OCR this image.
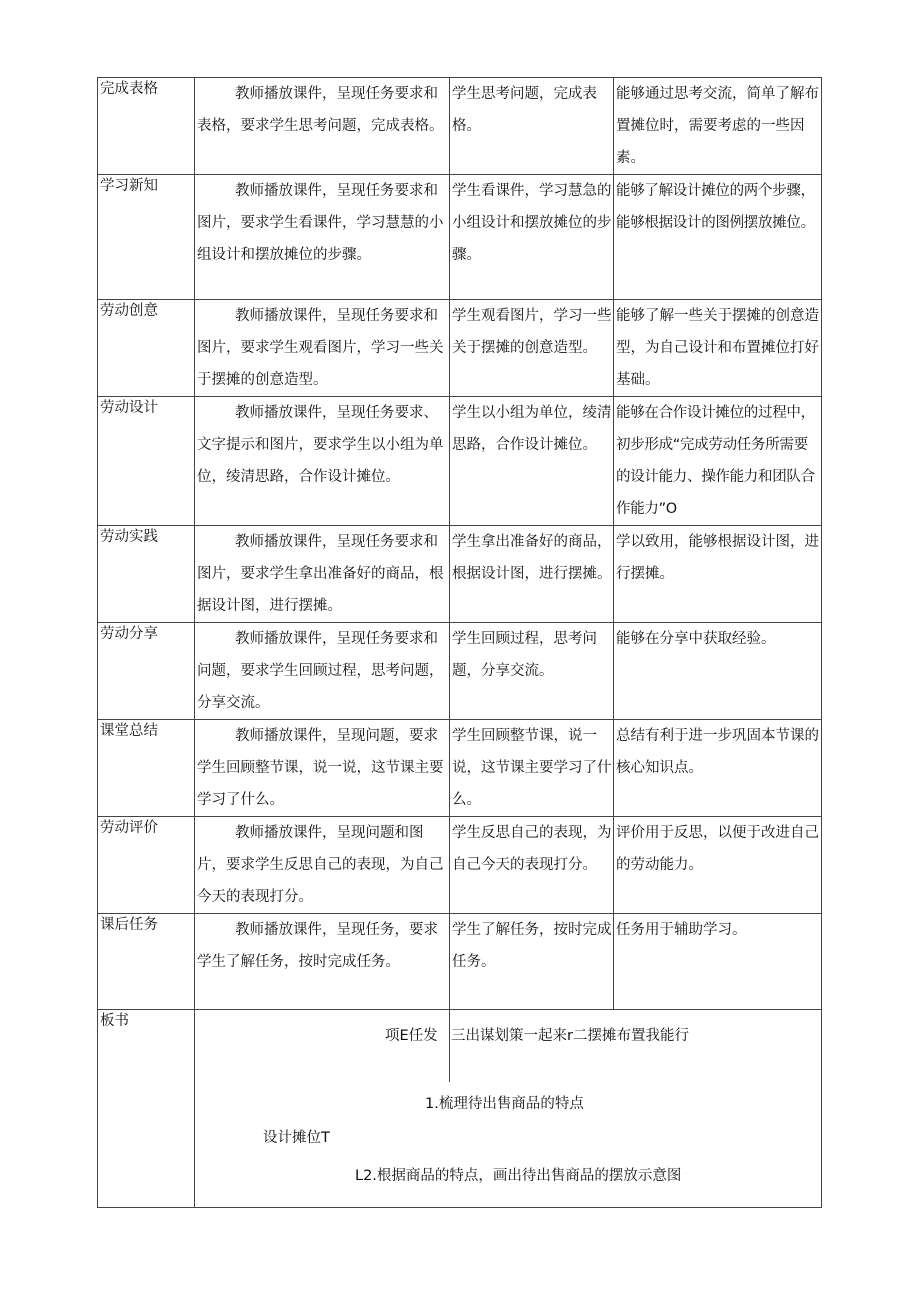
完成表格	教师播放课件，呈现任务要求和表格，要求学生思考问题，完成表格。	学生思考问题，完成表格。	能够通过思考交流，简单了解布置摊位时，需要考虑的一些因素。
学习新知	教师播放课件，呈现任务要求和图片，要求学生看课件，学习慧慧的小组设计和摆放摊位的步骤。	学生看课件，学习慧急的小组设计和摆放摊位的步骤。	能够了解设计摊位的两个步骤，能够根据设计的图例摆放摊位。
劳动创意	教师播放课件，呈现任务要求和图片，要求学生观看图片，学习一些关于摆摊的创意造型。	学生观看图片，学习一些关于摆摊的创意造型。	能够了解一些关于摆摊的创意造型，为自己设计和布置摊位打好基础。
劳动设计	教师播放课件，呈现任务要求、文字提示和图片，要求学生以小组为单位，绫清思路，合作设计摊位。	学生以小组为单位，绫清思路，合作设计摊位。	能够在合作设计摊位的过程中，初步形成“完成劳动任务所需要的设计能力、操作能力和团队合作能力”O
劳动实践	教师播放课件，呈现任务要求和图片，要求学生拿出准备好的商品，根据设计图，进行摆摊。	学生拿出准备好的商品，根据设计图，进行摆摊。	学以致用，能够根据设计图，进行摆摊。
劳动分享	教师播放课件，呈现任务要求和问题，要求学生回顾过程，思考问题，分享交流。	学生回顾过程，思考问题，分享交流。	能够在分享中获取经验。
课堂总结	教师播放课件，呈现问题，要求学生回顾整节课，说一说，这节课主要学习了什么。	学生回顾整节课，说一说，这节课主要学习了什么。	总结有利于进一步巩固本节课的核心知识点。
劳动评价	教师播放课件，呈现问题和图片，要求学生反思自己的表现，为自己今天的表现打分。	学生反思自己的表现，为自己今天的表现打分。	评价用于反思，以便于改进自己的劳动能力。
课后任务	教师播放课件，呈现任务，要求学生了解任务，按时完成任务。	学生了解任务，按时完成任务。	任务用于辅助学习。
板书	项E任发 三出谋划策一起来r二摆摊布置我能行
1.梳理待出售商品的特点
设计摊位T
L2.根据商品的特点，画出待出售商品的摆放示意图		
